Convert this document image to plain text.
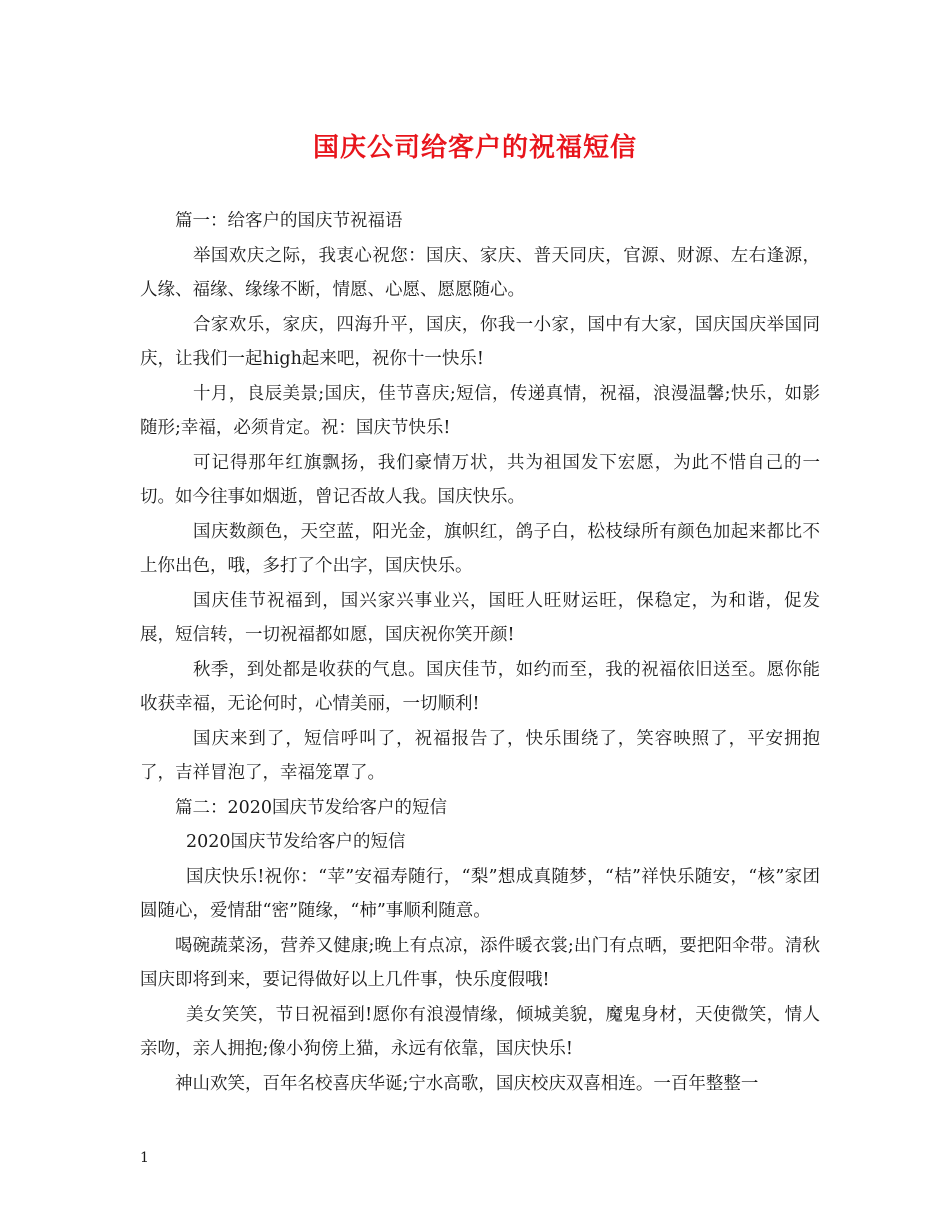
国庆公司给客户的祝福短信

篇一：给客户的国庆节祝福语

举国欢庆之际，我衷心祝您：国庆、家庆、普天同庆，官源、财源、左右逢源，人缘、福缘、缘缘不断，情愿、心愿、愿愿随心。

合家欢乐，家庆，四海升平，国庆，你我一小家，国中有大家，国庆国庆举国同庆，让我们一起high起来吧，祝你十一快乐!

十月，良辰美景;国庆，佳节喜庆;短信，传递真情，祝福，浪漫温馨;快乐，如影随形;幸福，必须肯定。祝：国庆节快乐!

可记得那年红旗飘扬，我们豪情万状，共为祖国发下宏愿，为此不惜自己的一切。如今往事如烟逝，曾记否故人我。国庆快乐。

国庆数颜色，天空蓝，阳光金，旗帜红，鸽子白，松枝绿所有颜色加起来都比不上你出色，哦，多打了个出字，国庆快乐。

国庆佳节祝福到，国兴家兴事业兴，国旺人旺财运旺，保稳定，为和谐，促发展，短信转，一切祝福都如愿，国庆祝你笑开颜!

秋季，到处都是收获的气息。国庆佳节，如约而至，我的祝福依旧送至。愿你能收获幸福，无论何时，心情美丽，一切顺利!

国庆来到了，短信呼叫了，祝福报告了，快乐围绕了，笑容映照了，平安拥抱了，吉祥冒泡了，幸福笼罩了。

篇二：2020国庆节发给客户的短信

2020国庆节发给客户的短信

国庆快乐!祝你：“苹”安福寿随行，“梨”想成真随梦，“桔”祥快乐随安，“核”家团圆随心，爱情甜“密”随缘，“柿”事顺利随意。

喝碗蔬菜汤，营养又健康;晚上有点凉，添件暖衣裳;出门有点晒，要把阳伞带。清秋国庆即将到来，要记得做好以上几件事，快乐度假哦!

美女笑笑，节日祝福到!愿你有浪漫情缘，倾城美貌，魔鬼身材，天使微笑，情人亲吻，亲人拥抱;像小狗傍上猫，永远有依靠，国庆快乐!

神山欢笑，百年名校喜庆华诞;宁水高歌，国庆校庆双喜相连。一百年整整一

1
